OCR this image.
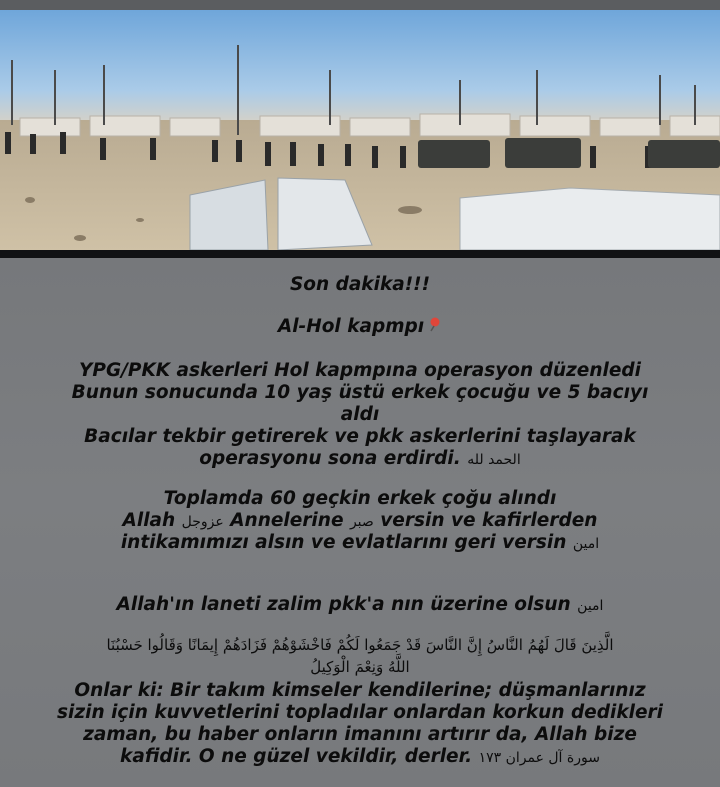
Son dakika!!!
Al-Hol kapmpı
YPG/PKK askerleri Hol kapmpına operasyon düzenledi
Bunun sonucunda 10 yaş üstü erkek çocuğu ve 5 bacıyı
aldı
Bacılar tekbir getirerek ve pkk askerlerini taşlayarak
operasyonu sona erdirdi. الحمد لله
Toplamda 60 geçkin erkek çoğu alındı
Allah عزوجل Annelerine صبر versin ve kafirlerden
intikamımızı alsın ve evlatlarını geri versin امين
Allah'ın laneti zalim pkk'a nın üzerine olsun امين
الَّذِينَ قَالَ لَهُمُ النَّاسُ إِنَّ النَّاسَ قَدْ جَمَعُوا لَكُمْ فَاخْشَوْهُمْ فَزَادَهُمْ إِيمَانًا وَقَالُوا حَسْبُنَا
اللَّهُ وَنِعْمَ الْوَكِيلُ
Onlar ki: Bir takım kimseler kendilerine; düşmanlarınız
sizin için kuvvetlerini topladılar onlardan korkun dedikleri
zaman, bu haber onların imanını artırır da, Allah bize
kafidir. O ne güzel vekildir, derler. سورة آل عمران ١٧٣
